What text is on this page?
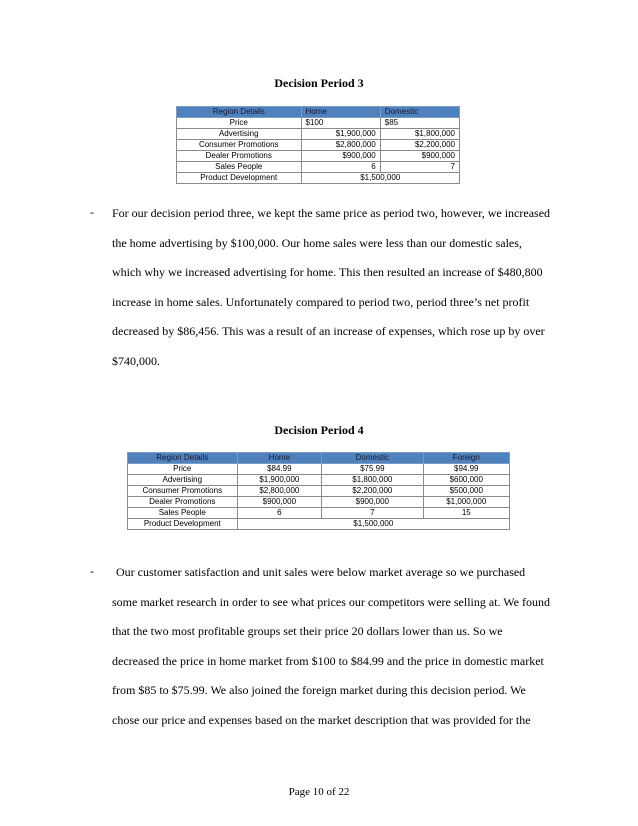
Decision Period 3
Region Details	Home	Domestic
Price	$100	$85
Advertising	$1,900,000	$1,800,000
Consumer Promotions	$2,800,000	$2,200,000
Dealer Promotions	$900,000	$900,000
Sales People	6	7
Product Development	$1,500,000	
- For our decision period three, we kept the same price as period two, however, we increased the home advertising by $100,000. Our home sales were less than our domestic sales, which why we increased advertising for home. This then resulted an increase of $480,800 increase in home sales. Unfortunately compared to period two, period three’s net profit decreased by $86,456. This was a result of an increase of expenses, which rose up by over $740,000.
Decision Period 4
Region Details	Home	Domestic	Foreign
Price	$84.99	$75.99	$94.99
Advertising	$1,900,000	$1,800,000	$600,000
Consumer Promotions	$2,800,000	$2,200,000	$500,000
Dealer Promotions	$900,000	$900,000	$1,000,000
Sales People	6	7	15
Product Development	$1,500,000		
-	Our customer satisfaction and unit sales were below market average so we purchased some market research in order to see what prices our competitors were selling at. We found that the two most profitable groups set their price 20 dollars lower than us. So we decreased the price in home market from $100 to $84.99 and the price in domestic market from $85 to $75.99. We also joined the foreign market during this decision period. We chose our price and expenses based on the market description that was provided for the
Page 10 of 22
